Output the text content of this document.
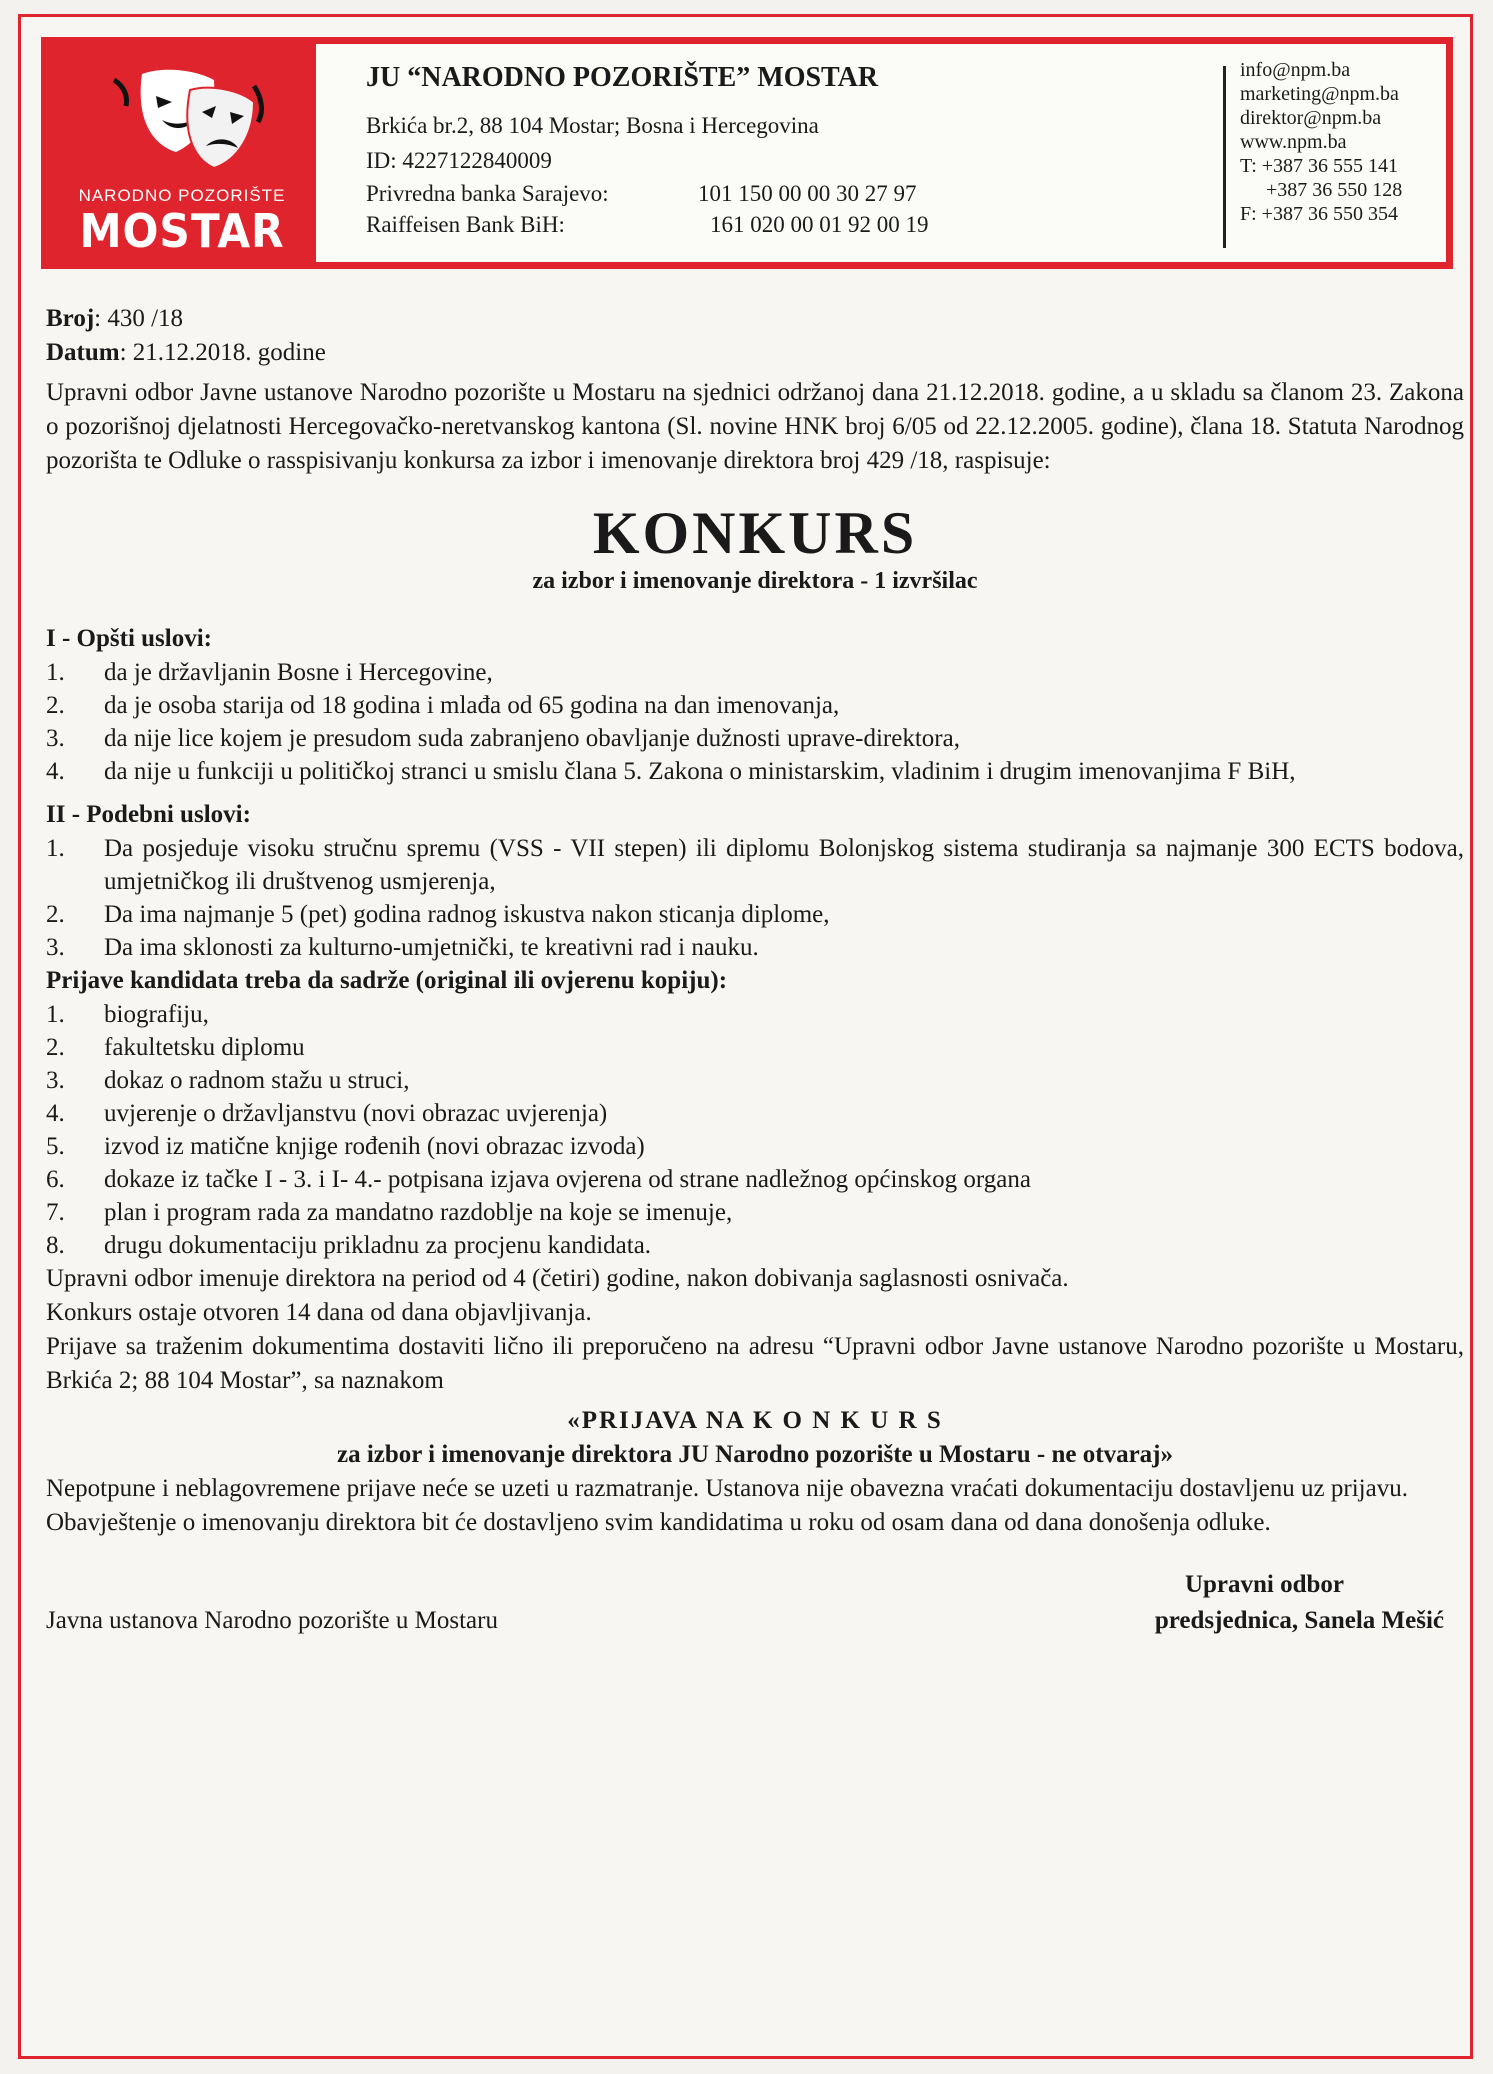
NARODNO POZORIŠTE
MOSTAR
JU “NARODNO POZORIŠTE” MOSTAR
Brkića br.2, 88 104 Mostar; Bosna i Hercegovina
ID: 4227122840009
Privredna banka Sarajevo:	101 150 00 00 30 27 97
Raiffeisen Bank BiH:	161 020 00 01 92 00 19
info@npm.ba
marketing@npm.ba
direktor@npm.ba
www.npm.ba
T: +387 36 555 141
+387 36 550 128
F: +387 36 550 354
Broj: 430 /18
Datum: 21.12.2018. godine

Upravni odbor Javne ustanove Narodno pozorište u Mostaru na sjednici održanoj dana 21.12.2018. godine, a u skladu sa članom 23. Zakona o pozorišnoj djelatnosti Hercegovačko-neretvanskog kantona (Sl. novine HNK broj 6/05 od 22.12.2005. godine), člana 18. Statuta Narodnog pozorišta te Odluke o rasspisivanju konkursa za izbor i imenovanje direktora broj 429 /18, raspisuje:

KONKURS
za izbor i imenovanje direktora - 1 izvršilac
I - Opšti uslovi:
1.	da je državljanin Bosne i Hercegovine,
2.	da je osoba starija od 18 godina i mlađa od 65 godina na dan imenovanja,
3.	da nije lice kojem je presudom suda zabranjeno obavljanje dužnosti uprave-direktora,
4.	da nije u funkciji u političkoj stranci u smislu člana 5. Zakona o ministarskim, vladinim i drugim imenovanjima F BiH,
II - Podebni uslovi:
1.	Da posjeduje visoku stručnu spremu (VSS - VII stepen) ili diplomu Bolonjskog sistema studiranja sa najmanje 300 ECTS bodova, umjetničkog ili društvenog usmjerenja,
2.	Da ima najmanje 5 (pet) godina radnog iskustva nakon sticanja diplome,
3.	Da ima sklonosti za kulturno-umjetnički, te kreativni rad i nauku.
Prijave kandidata treba da sadrže (original ili ovjerenu kopiju):
1.	biografiju,
2.	fakultetsku diplomu
3.	dokaz o radnom stažu u struci,
4.	uvjerenje o državljanstvu (novi obrazac uvjerenja)
5.	izvod iz matične knjige rođenih (novi obrazac izvoda)
6.	dokaze iz tačke I - 3. i I- 4.- potpisana izjava ovjerena od strane nadležnog općinskog organa
7.	plan i program rada za mandatno razdoblje na koje se imenuje,
8.	drugu dokumentaciju prikladnu za procjenu kandidata.

Upravni odbor imenuje direktora na period od 4 (četiri) godine, nakon dobivanja saglasnosti osnivača.

Konkurs ostaje otvoren 14 dana od dana objavljivanja.

Prijave sa traženim dokumentima dostaviti lično ili preporučeno na adresu “Upravni odbor Javne ustanove Narodno pozorište u Mostaru, Brkića 2; 88 104 Mostar”, sa naznakom

«PRIJAVA NA K O N K U R S
za izbor i imenovanje direktora JU Narodno pozorište u Mostaru - ne otvaraj»

Nepotpune i neblagovremene prijave neće se uzeti u razmatranje. Ustanova nije obavezna vraćati dokumentaciju dostavljenu uz prijavu.

Obavještenje o imenovanju direktora bit će dostavljeno svim kandidatima u roku od osam dana od dana donošenja odluke.

Upravni odbor
Javna ustanova Narodno pozorište u Mostaru	predsjednica, Sanela Mešić
